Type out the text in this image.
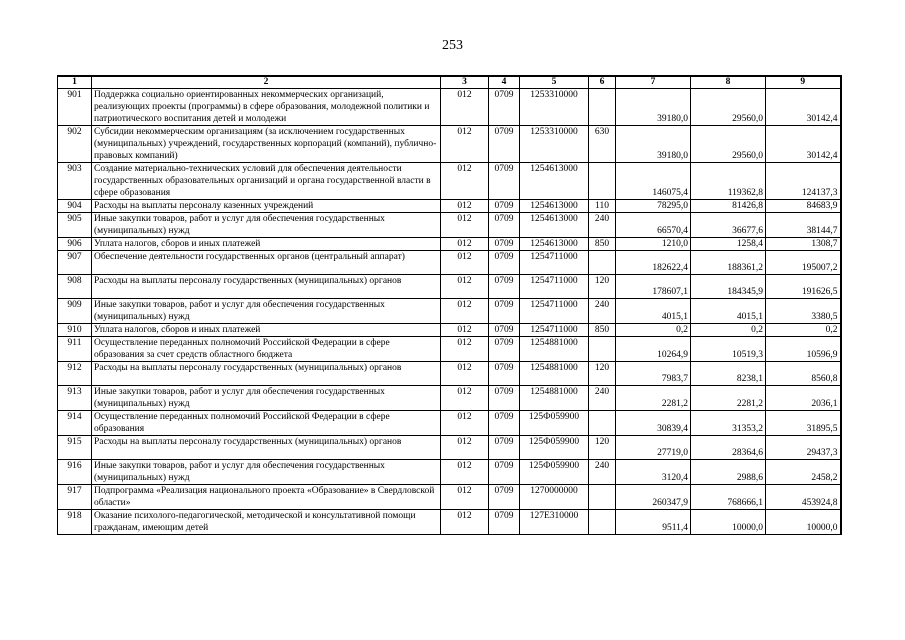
253
1	2	3	4	5	6	7	8	9
901	Поддержка социально ориентированных некоммерческих организаций, реализующих проекты (программы) в сфере образования, молодежной политики и патриотического воспитания детей и молодежи	012	0709	1253310000		39180,0	29560,0	30142,4
902	Субсидии некоммерческим организациям (за исключением государственных (муниципальных) учреждений, государственных корпораций (компаний), публично-правовых компаний)	012	0709	1253310000	630	39180,0	29560,0	30142,4
903	Создание материально-технических условий для обеспечения деятельности государственных образовательных организаций и органа государственной власти в сфере образования	012	0709	1254613000		146075,4	119362,8	124137,3
904	Расходы на выплаты персоналу казенных учреждений	012	0709	1254613000	110	78295,0	81426,8	84683,9
905	Иные закупки товаров, работ и услуг для обеспечения государственных (муниципальных) нужд	012	0709	1254613000	240	66570,4	36677,6	38144,7
906	Уплата налогов, сборов и иных платежей	012	0709	1254613000	850	1210,0	1258,4	1308,7
907	Обеспечение деятельности государственных органов (центральный аппарат)	012	0709	1254711000		182622,4	188361,2	195007,2
908	Расходы на выплаты персоналу государственных (муниципальных) органов	012	0709	1254711000	120	178607,1	184345,9	191626,5
909	Иные закупки товаров, работ и услуг для обеспечения государственных (муниципальных) нужд	012	0709	1254711000	240	4015,1	4015,1	3380,5
910	Уплата налогов, сборов и иных платежей	012	0709	1254711000	850	0,2	0,2	0,2
911	Осуществление переданных полномочий Российской Федерации в сфере образования за счет средств областного бюджета	012	0709	1254881000		10264,9	10519,3	10596,9
912	Расходы на выплаты персоналу государственных (муниципальных) органов	012	0709	1254881000	120	7983,7	8238,1	8560,8
913	Иные закупки товаров, работ и услуг для обеспечения государственных (муниципальных) нужд	012	0709	1254881000	240	2281,2	2281,2	2036,1
914	Осуществление переданных полномочий Российской Федерации в сфере образования	012	0709	125Ф059900		30839,4	31353,2	31895,5
915	Расходы на выплаты персоналу государственных (муниципальных) органов	012	0709	125Ф059900	120	27719,0	28364,6	29437,3
916	Иные закупки товаров, работ и услуг для обеспечения государственных (муниципальных) нужд	012	0709	125Ф059900	240	3120,4	2988,6	2458,2
917	Подпрограмма «Реализация национального проекта «Образование» в Свердловской области»	012	0709	1270000000		260347,9	768666,1	453924,8
918	Оказание психолого-педагогической, методической и консультативной помощи гражданам, имеющим детей	012	0709	127E310000		9511,4	10000,0	10000,0
